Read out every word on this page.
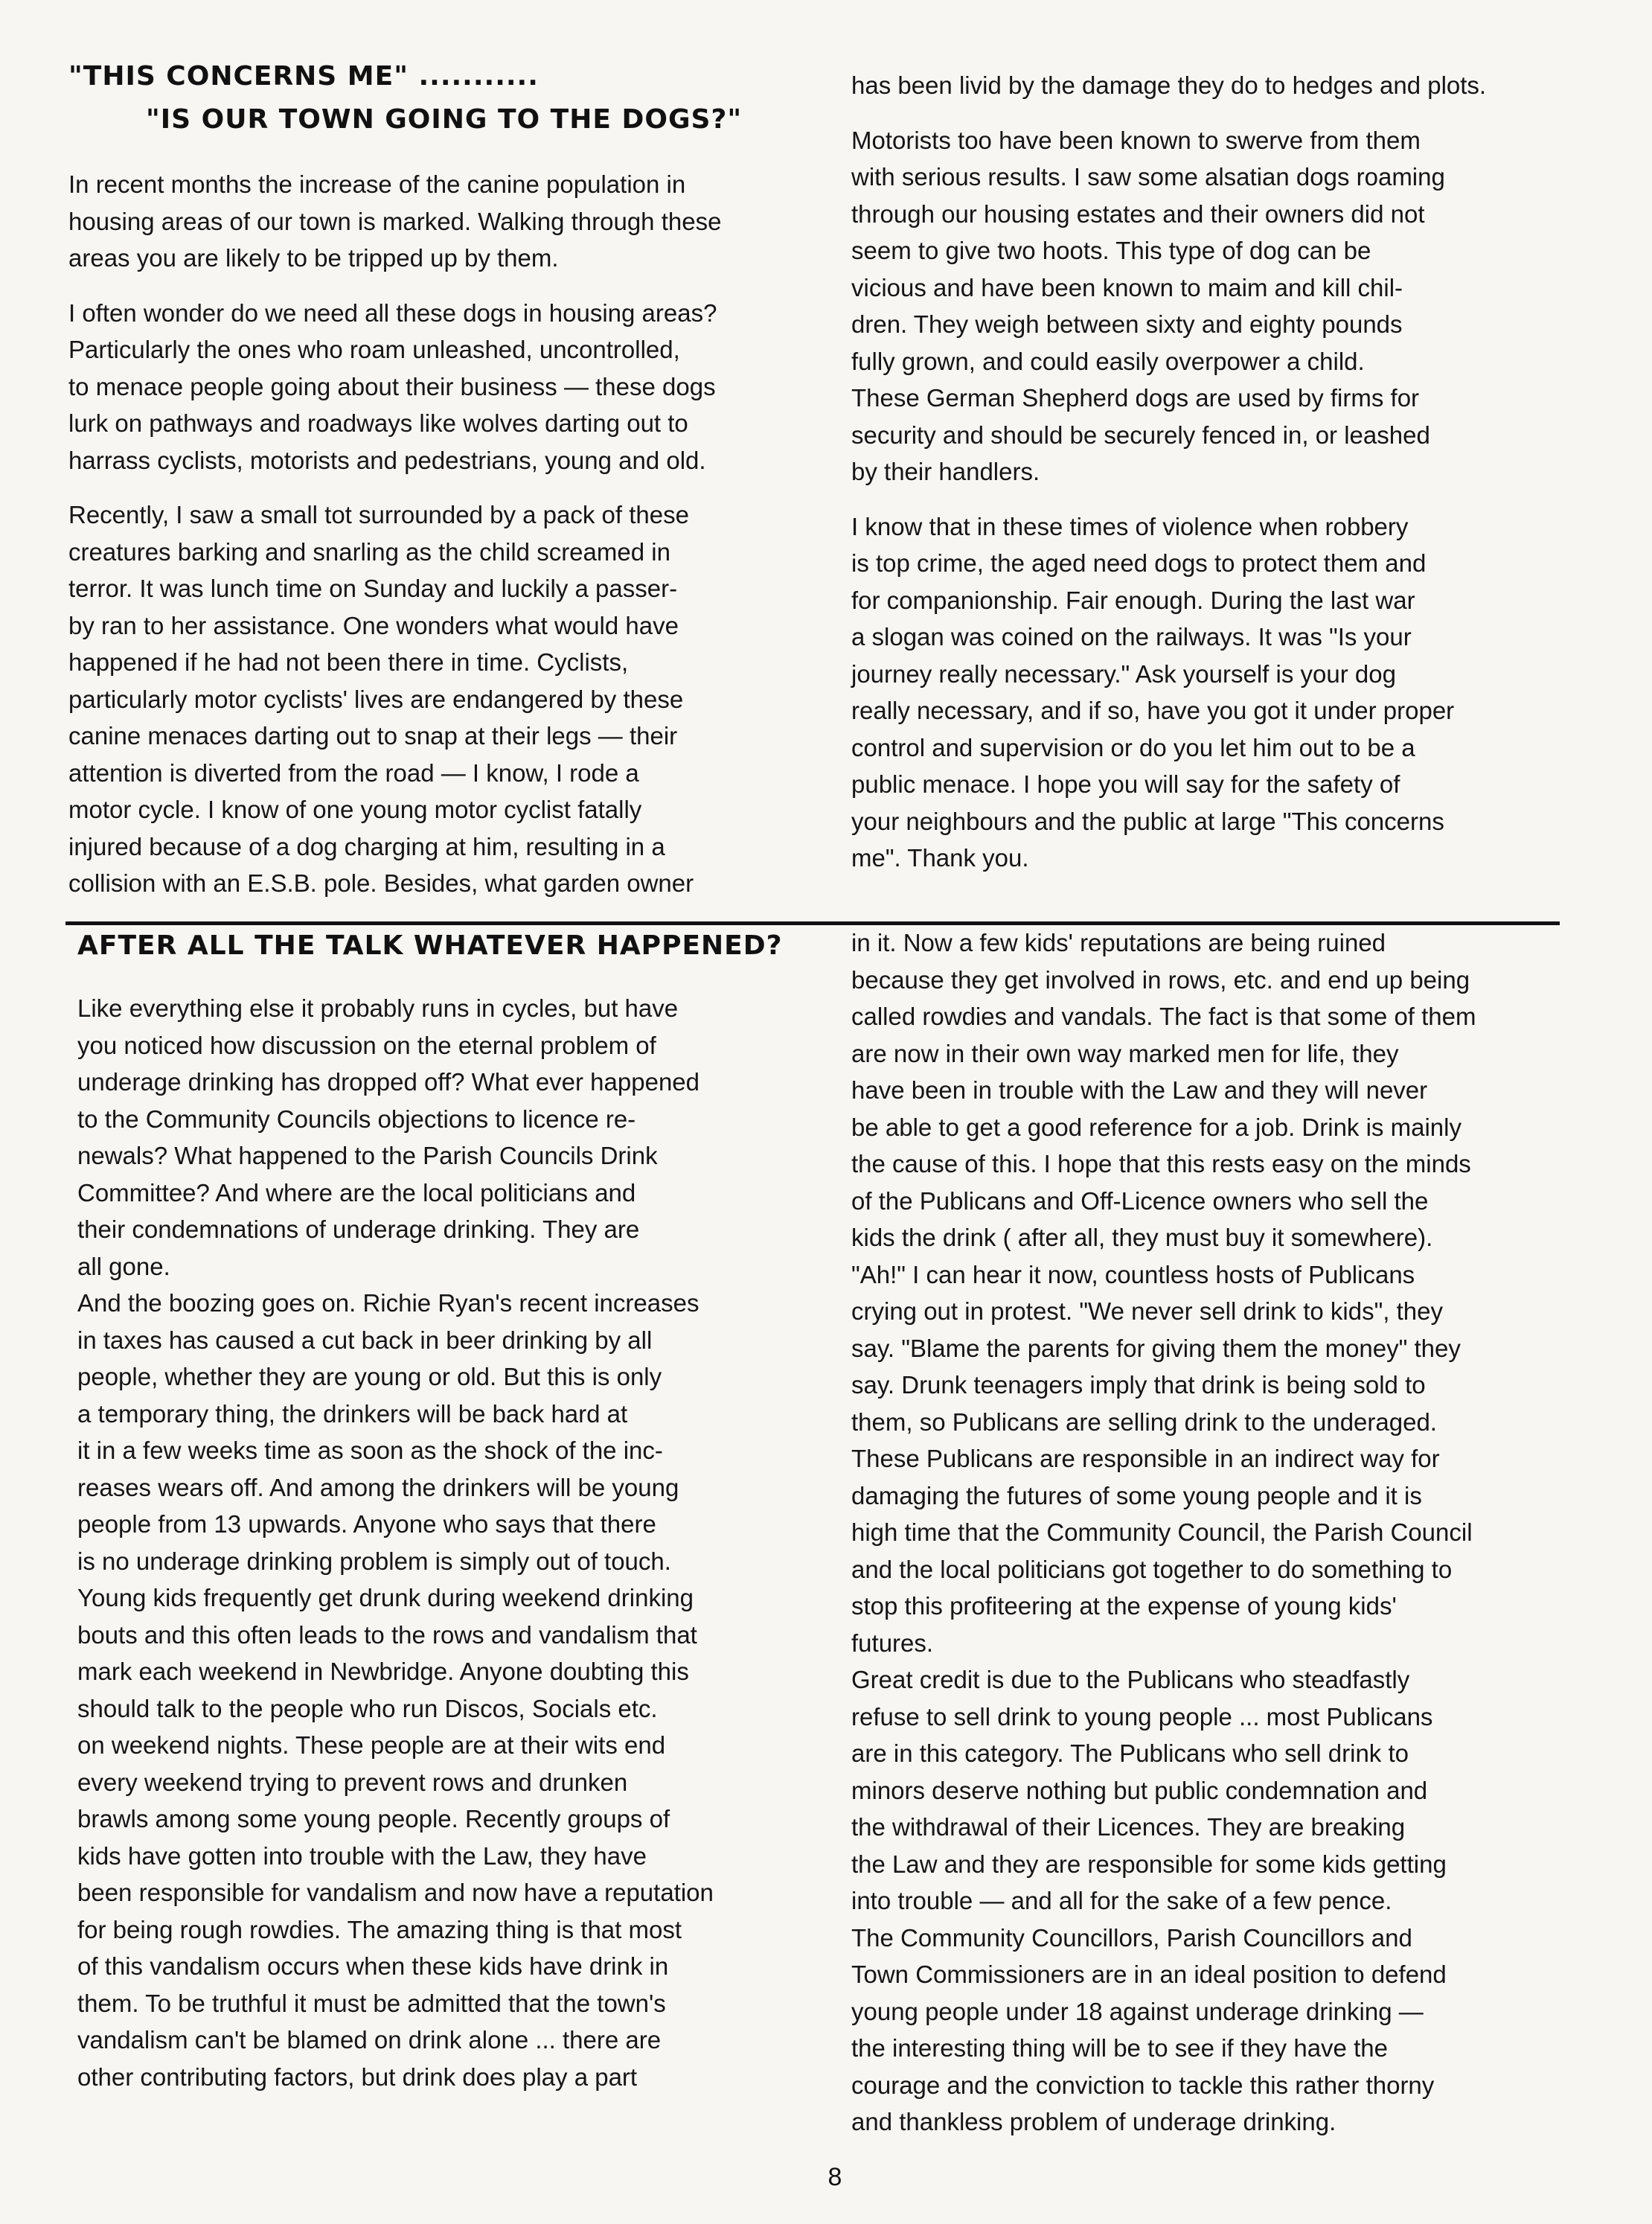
"THIS CONCERNS ME" ...........
"IS OUR TOWN GOING TO THE DOGS?"

In recent months the increase of the canine population in
housing areas of our town is marked. Walking through these
areas you are likely to be tripped up by them.

I often wonder do we need all these dogs in housing areas?
Particularly the ones who roam unleashed, uncontrolled,
to menace people going about their business — these dogs
lurk on pathways and roadways like wolves darting out to
harrass cyclists, motorists and pedestrians, young and old.

Recently, I saw a small tot surrounded by a pack of these
creatures barking and snarling as the child screamed in
terror. It was lunch time on Sunday and luckily a passer-
by ran to her assistance. One wonders what would have
happened if he had not been there in time. Cyclists,
particularly motor cyclists' lives are endangered by these
canine menaces darting out to snap at their legs — their
attention is diverted from the road — I know, I rode a
motor cycle. I know of one young motor cyclist fatally
injured because of a dog charging at him, resulting in a
collision with an E.S.B. pole. Besides, what garden owner

has been livid by the damage they do to hedges and plots.

Motorists too have been known to swerve from them
with serious results. I saw some alsatian dogs roaming
through our housing estates and their owners did not
seem to give two hoots. This type of dog can be
vicious and have been known to maim and kill chil-
dren. They weigh between sixty and eighty pounds
fully grown, and could easily overpower a child.
These German Shepherd dogs are used by firms for
security and should be securely fenced in, or leashed
by their handlers.

I know that in these times of violence when robbery
is top crime, the aged need dogs to protect them and
for companionship. Fair enough. During the last war
a slogan was coined on the railways. It was "Is your
journey really necessary." Ask yourself is your dog
really necessary, and if so, have you got it under proper
control and supervision or do you let him out to be a
public menace. I hope you will say for the safety of
your neighbours and the public at large "This concerns
me". Thank you.

AFTER ALL THE TALK WHATEVER HAPPENED?

Like everything else it probably runs in cycles, but have
you noticed how discussion on the eternal problem of
underage drinking has dropped off? What ever happened
to the Community Councils objections to licence re-
newals? What happened to the Parish Councils Drink
Committee? And where are the local politicians and
their condemnations of underage drinking. They are
all gone.

And the boozing goes on. Richie Ryan's recent increases
in taxes has caused a cut back in beer drinking by all
people, whether they are young or old. But this is only
a temporary thing, the drinkers will be back hard at
it in a few weeks time as soon as the shock of the inc-
reases wears off. And among the drinkers will be young
people from 13 upwards. Anyone who says that there
is no underage drinking problem is simply out of touch.
Young kids frequently get drunk during weekend drinking
bouts and this often leads to the rows and vandalism that
mark each weekend in Newbridge. Anyone doubting this
should talk to the people who run Discos, Socials etc.
on weekend nights. These people are at their wits end
every weekend trying to prevent rows and drunken
brawls among some young people. Recently groups of
kids have gotten into trouble with the Law, they have
been responsible for vandalism and now have a reputation
for being rough rowdies. The amazing thing is that most
of this vandalism occurs when these kids have drink in
them. To be truthful it must be admitted that the town's
vandalism can't be blamed on drink alone ... there are
other contributing factors, but drink does play a part

in it. Now a few kids' reputations are being ruined
because they get involved in rows, etc. and end up being
called rowdies and vandals. The fact is that some of them
are now in their own way marked men for life, they
have been in trouble with the Law and they will never
be able to get a good reference for a job. Drink is mainly
the cause of this. I hope that this rests easy on the minds
of the Publicans and Off-Licence owners who sell the
kids the drink ( after all, they must buy it somewhere).
"Ah!" I can hear it now, countless hosts of Publicans
crying out in protest. "We never sell drink to kids", they
say. "Blame the parents for giving them the money" they
say. Drunk teenagers imply that drink is being sold to
them, so Publicans are selling drink to the underaged.
These Publicans are responsible in an indirect way for
damaging the futures of some young people and it is
high time that the Community Council, the Parish Council
and the local politicians got together to do something to
stop this profiteering at the expense of young kids'
futures.

Great credit is due to the Publicans who steadfastly
refuse to sell drink to young people ... most Publicans
are in this category. The Publicans who sell drink to
minors deserve nothing but public condemnation and
the withdrawal of their Licences. They are breaking
the Law and they are responsible for some kids getting
into trouble — and all for the sake of a few pence.

The Community Councillors, Parish Councillors and
Town Commissioners are in an ideal position to defend
young people under 18 against underage drinking —
the interesting thing will be to see if they have the
courage and the conviction to tackle this rather thorny
and thankless problem of underage drinking.

8
